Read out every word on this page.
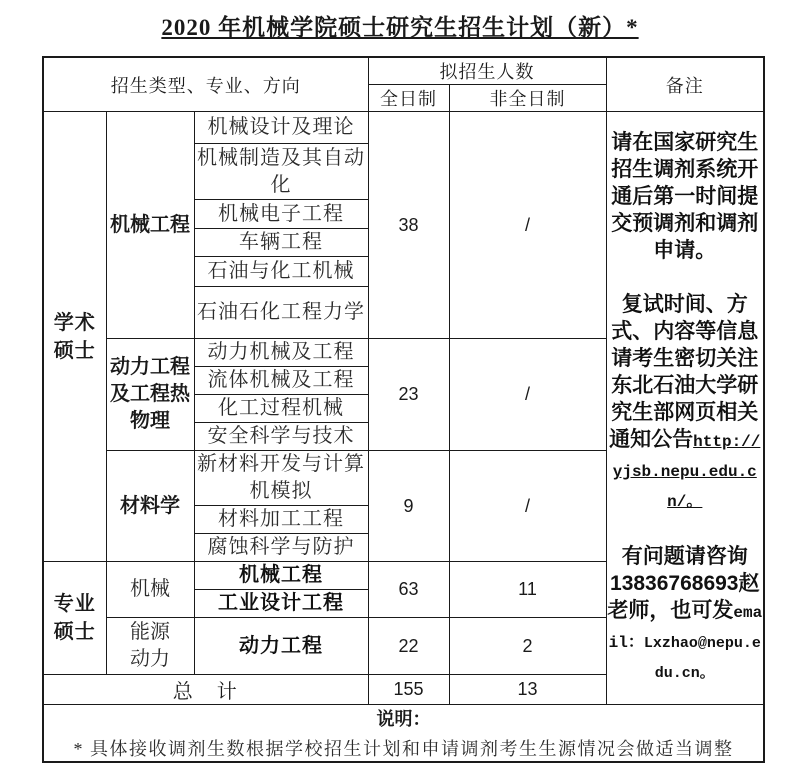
2020 年机械学院硕士研究生招生计划（新）*
招生类型、专业、方向			拟招生人数		备注
			全日制	非全日制	
学术硕士	机械工程	机械设计及理论	38	/	请在国家研究生招生调剂系统开通后第一时间提交预调剂和调剂申请。
复试时间、方式、内容等信息请考生密切关注东北石油大学研究生部网页相关通知公告http://yjsb.nepu.edu.cn/。
有问题请咨询13836768693赵老师，也可发email：Lxzhao@nepu.edu.cn。

		机械制造及其自动化			
		机械电子工程			
		车辆工程			
		石油与化工机械			
		石油石化工程力学			
	动力工程及工程热物理	动力机械及工程	23	/	
		流体机械及工程			
		化工过程机械			
		安全科学与技术			
	材料学	新材料开发与计算机模拟	9	/	
		材料加工工程			
		腐蚀科学与防护			
专业硕士	机械	机械工程	63	11	
		工业设计工程			
	能源动力	动力工程	22	2	
总　计			155	13	

说明：
* 具体接收调剂生数根据学校招生计划和申请调剂考生生源情况会做适当调整					
